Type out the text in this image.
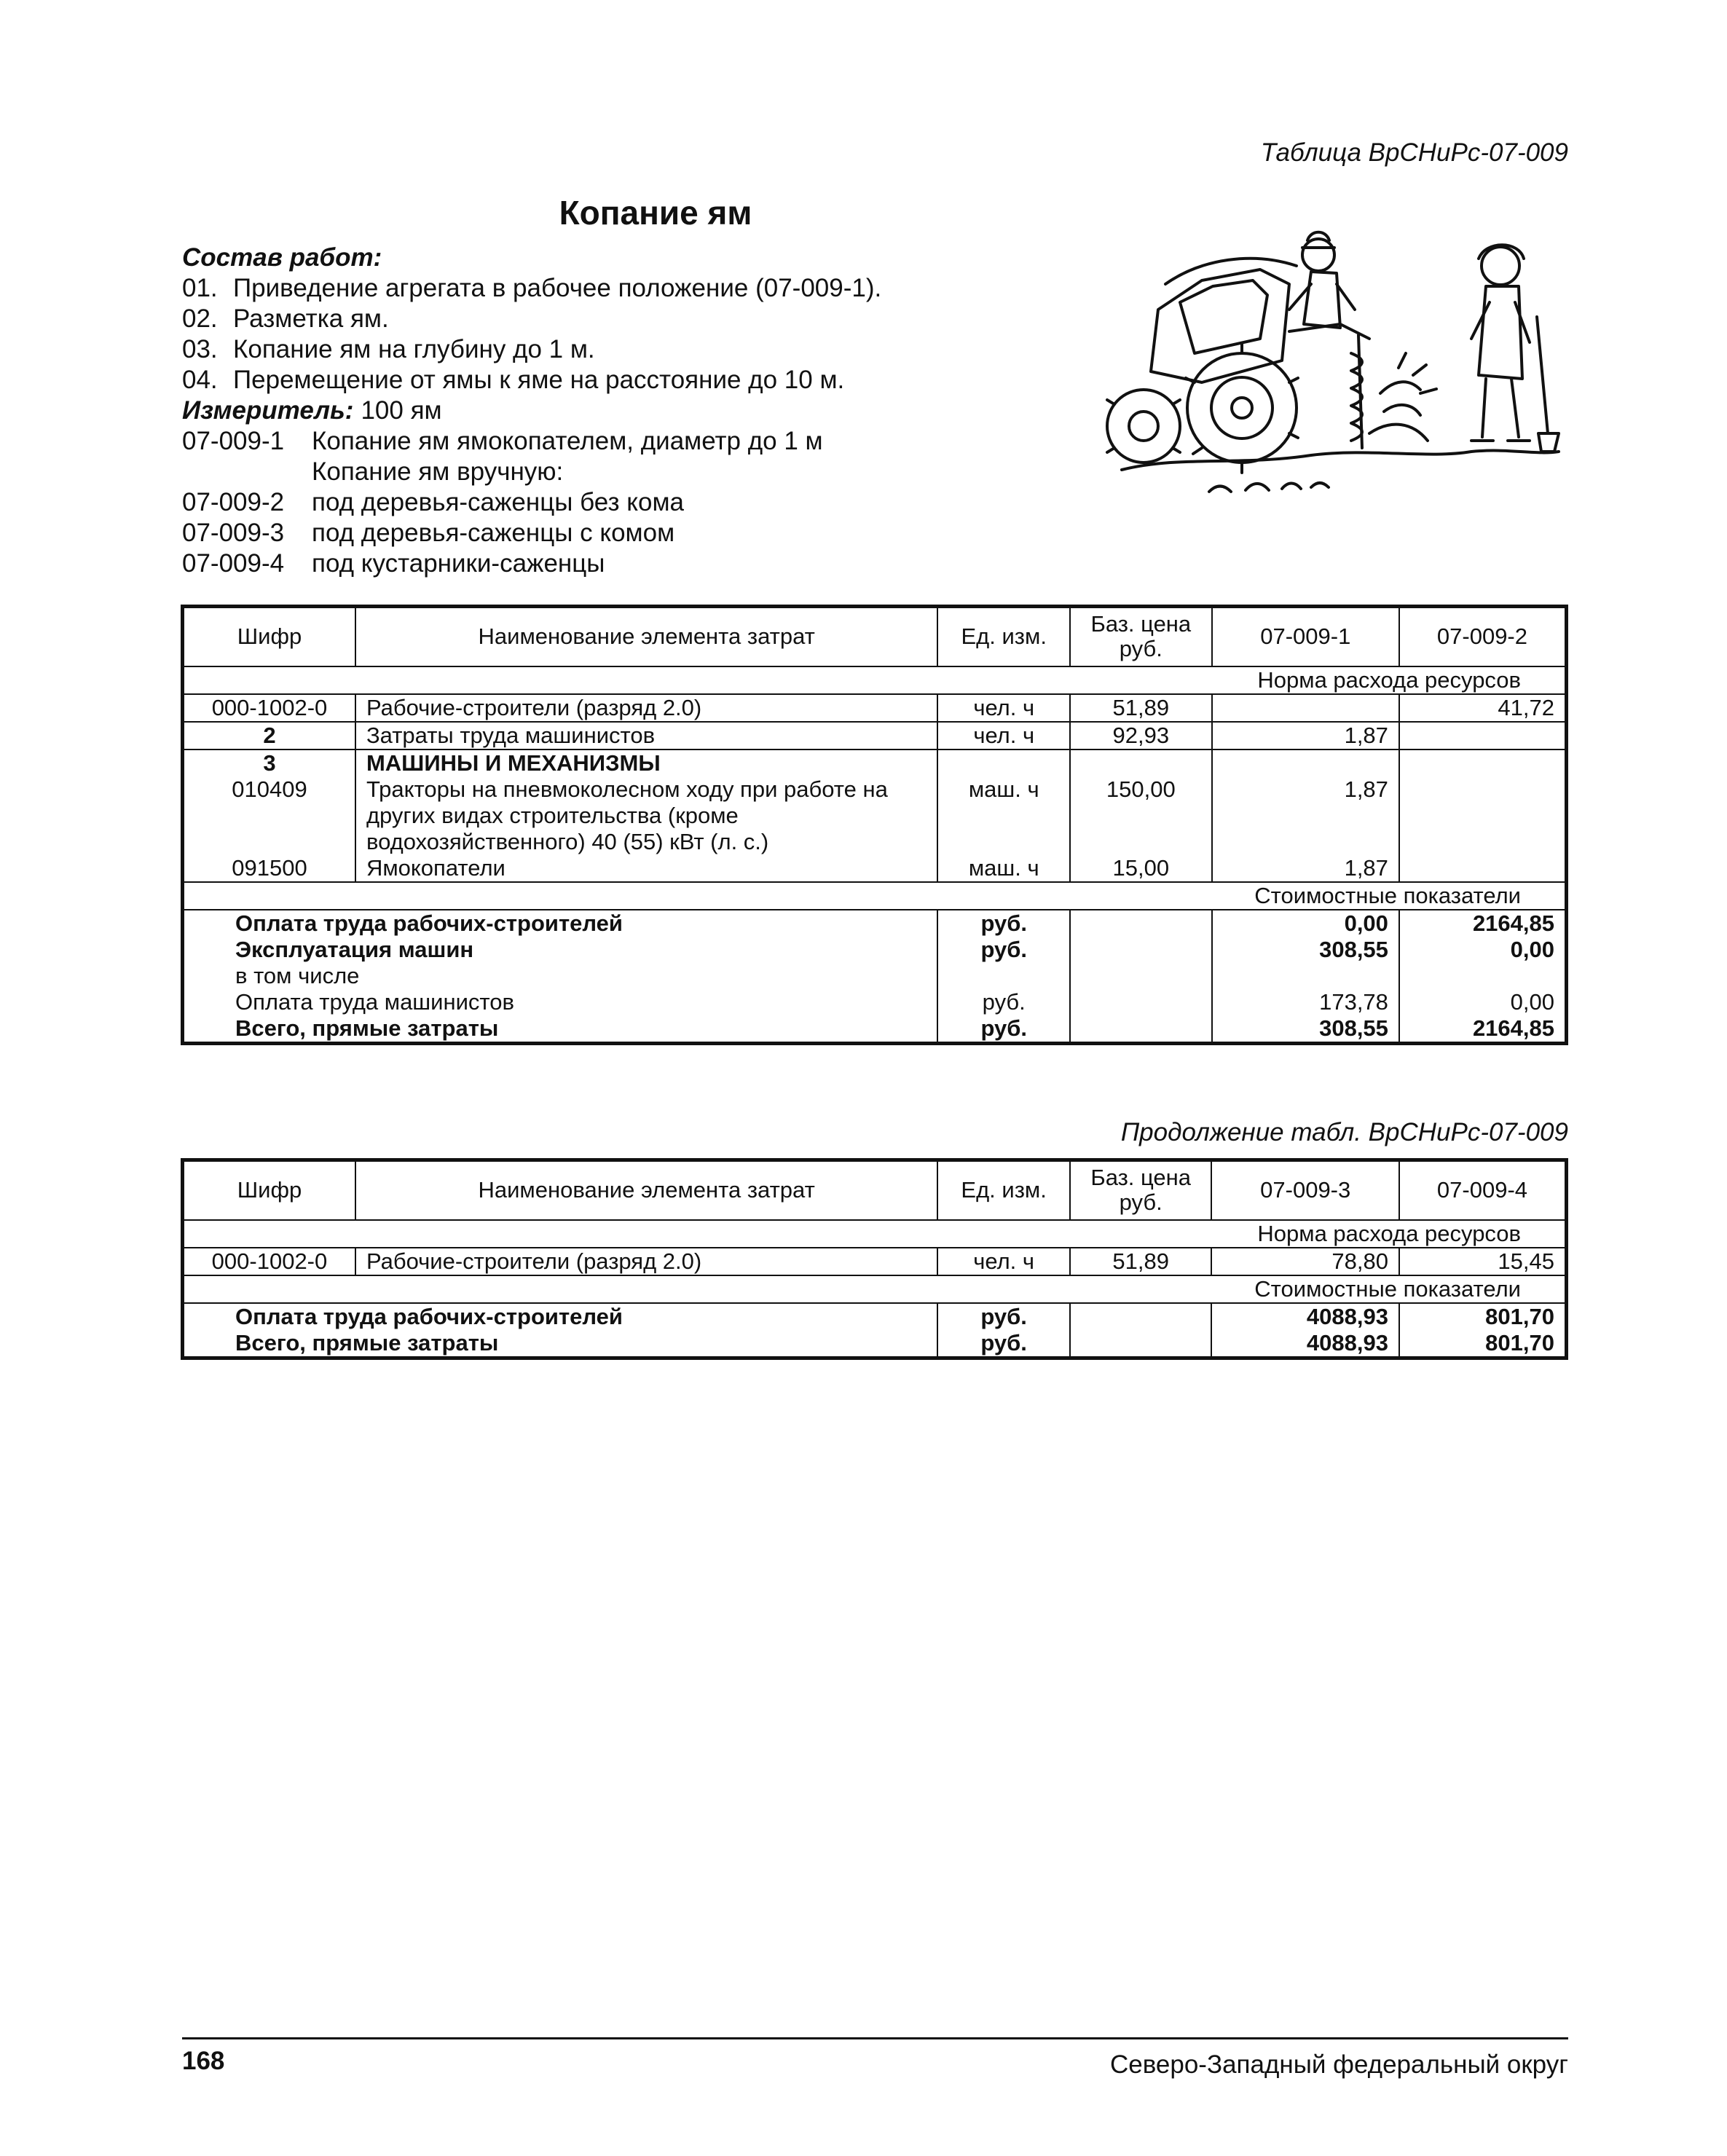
Таблица ВрСНиРс-07-009
Копание ям
Состав работ:
01. Приведение агрегата в рабочее положение (07-009-1).
02. Разметка ям.
03. Копание ям на глубину до 1 м.
04. Перемещение от ямы к яме на расстояние до 10 м.
Измеритель: 100 ям
07-009-1	Копание ям ямокопателем, диаметр до 1 м
Копание ям вручную:
07-009-2	под деревья-саженцы без кома
07-009-3	под деревья-саженцы с комом
07-009-4	под кустарники-саженцы
Шифр	Наименование элемента затрат	Ед. изм.	Баз. цена руб.	07-009-1	07-009-2
Норма расхода ресурсов					
000-1002-0	Рабочие-строители (разряд 2.0)	чел. ч	51,89		41,72
2	Затраты труда машинистов	чел. ч	92,93	1,87	
3	МАШИНЫ И МЕХАНИЗМЫ				
010409	Тракторы на пневмоколесном ходу при работе на других видах строительства (кроме водохозяйственного) 40 (55) кВт (л. с.)	маш. ч	150,00	1,87	
091500	Ямокопатели	маш. ч	15,00	1,87	
Стоимостные показатели					
Оплата труда рабочих-строителей		руб.		0,00	2164,85
Эксплуатация машин		руб.		308,55	0,00
в том числе					
Оплата труда машинистов		руб.		173,78	0,00
Всего, прямые затраты		руб.		308,55	2164,85
Продолжение табл. ВрСНиРс-07-009
Шифр	Наименование элемента затрат	Ед. изм.	Баз. цена руб.	07-009-3	07-009-4
Норма расхода ресурсов					
000-1002-0	Рабочие-строители (разряд 2.0)	чел. ч	51,89	78,80	15,45
Стоимостные показатели					
Оплата труда рабочих-строителей		руб.		4088,93	801,70
Всего, прямые затраты		руб.		4088,93	801,70
168	Северо-Западный федеральный округ
